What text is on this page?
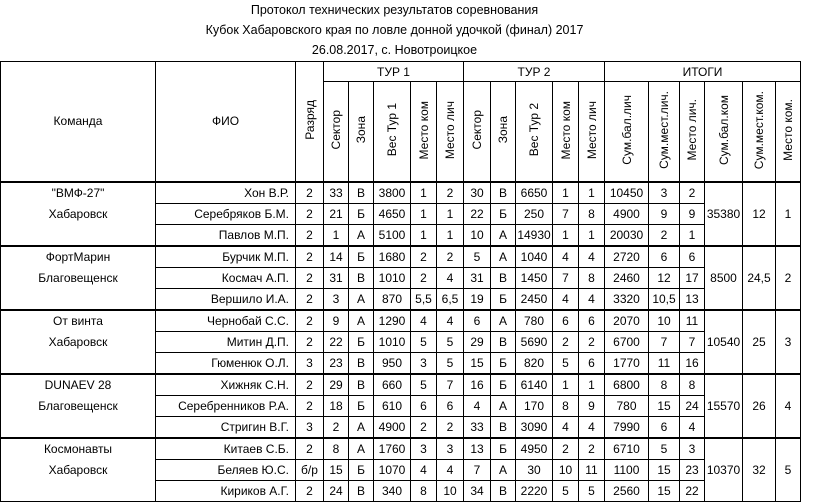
Протокол технических результатов соревнования
Кубок Хабаровского края по ловле донной удочкой (финал) 2017
26.08.2017, с. Новотроицкое
Команда	ФИО	Разряд	ТУР 1					ТУР 2					ИТОГИ					
			Сектор	Зона	Вес Тур 1	Место ком	Место лич	Сектор	Зона	Вес Тур 2	Место ком	Место лич	Сум.бал.лич	Сум.мест.лич.	Место лич.	Сум.бал.ком	Сум.мест.ком.	Место ком.
"ВМФ-27"	Хон В.Р.	2	33	В	3800	1	2	30	В	6650	1	1	10450	3	2	35380	12	1
Хабаровск	Серебряков Б.М.	2	21	Б	4650	1	1	22	Б	250	7	8	4900	9	9			
	Павлов М.П.	2	1	А	5100	1	1	10	А	14930	1	1	20030	2	1			
ФортМарин	Бурчик М.П.	2	14	Б	1680	2	2	5	А	1040	4	4	2720	6	6	8500	24,5	2
Благовещенск	Космач А.П.	2	31	В	1010	2	4	31	В	1450	7	8	2460	12	17			
	Вершило И.А.	2	3	А	870	5,5	6,5	19	Б	2450	4	4	3320	10,5	13			
От винта	Чернобай С.С.	2	9	А	1290	4	4	6	А	780	6	6	2070	10	11	10540	25	3
Хабаровск	Митин Д.П.	2	22	Б	1010	5	5	29	В	5690	2	2	6700	7	7			
	Гюменюк О.Л.	3	23	В	950	3	5	15	Б	820	5	6	1770	11	16			
DUNAEV 28	Хижняк С.Н.	2	29	В	660	5	7	16	Б	6140	1	1	6800	8	8	15570	26	4
Благовещенск	Серебренников Р.А.	2	18	Б	610	6	6	4	А	170	8	9	780	15	24			
	Стригин В.Г.	3	2	А	4900	2	2	33	В	3090	4	4	7990	6	4			
Космонавты	Китаев С.Б.	2	8	А	1760	3	3	13	Б	4950	2	2	6710	5	3	10370	32	5
Хабаровск	Беляев Ю.С.	б/р	15	Б	1070	4	4	7	А	30	10	11	1100	15	23			
	Кириков А.Г.	2	24	В	340	8	10	34	В	2220	5	5	2560	15	22			
